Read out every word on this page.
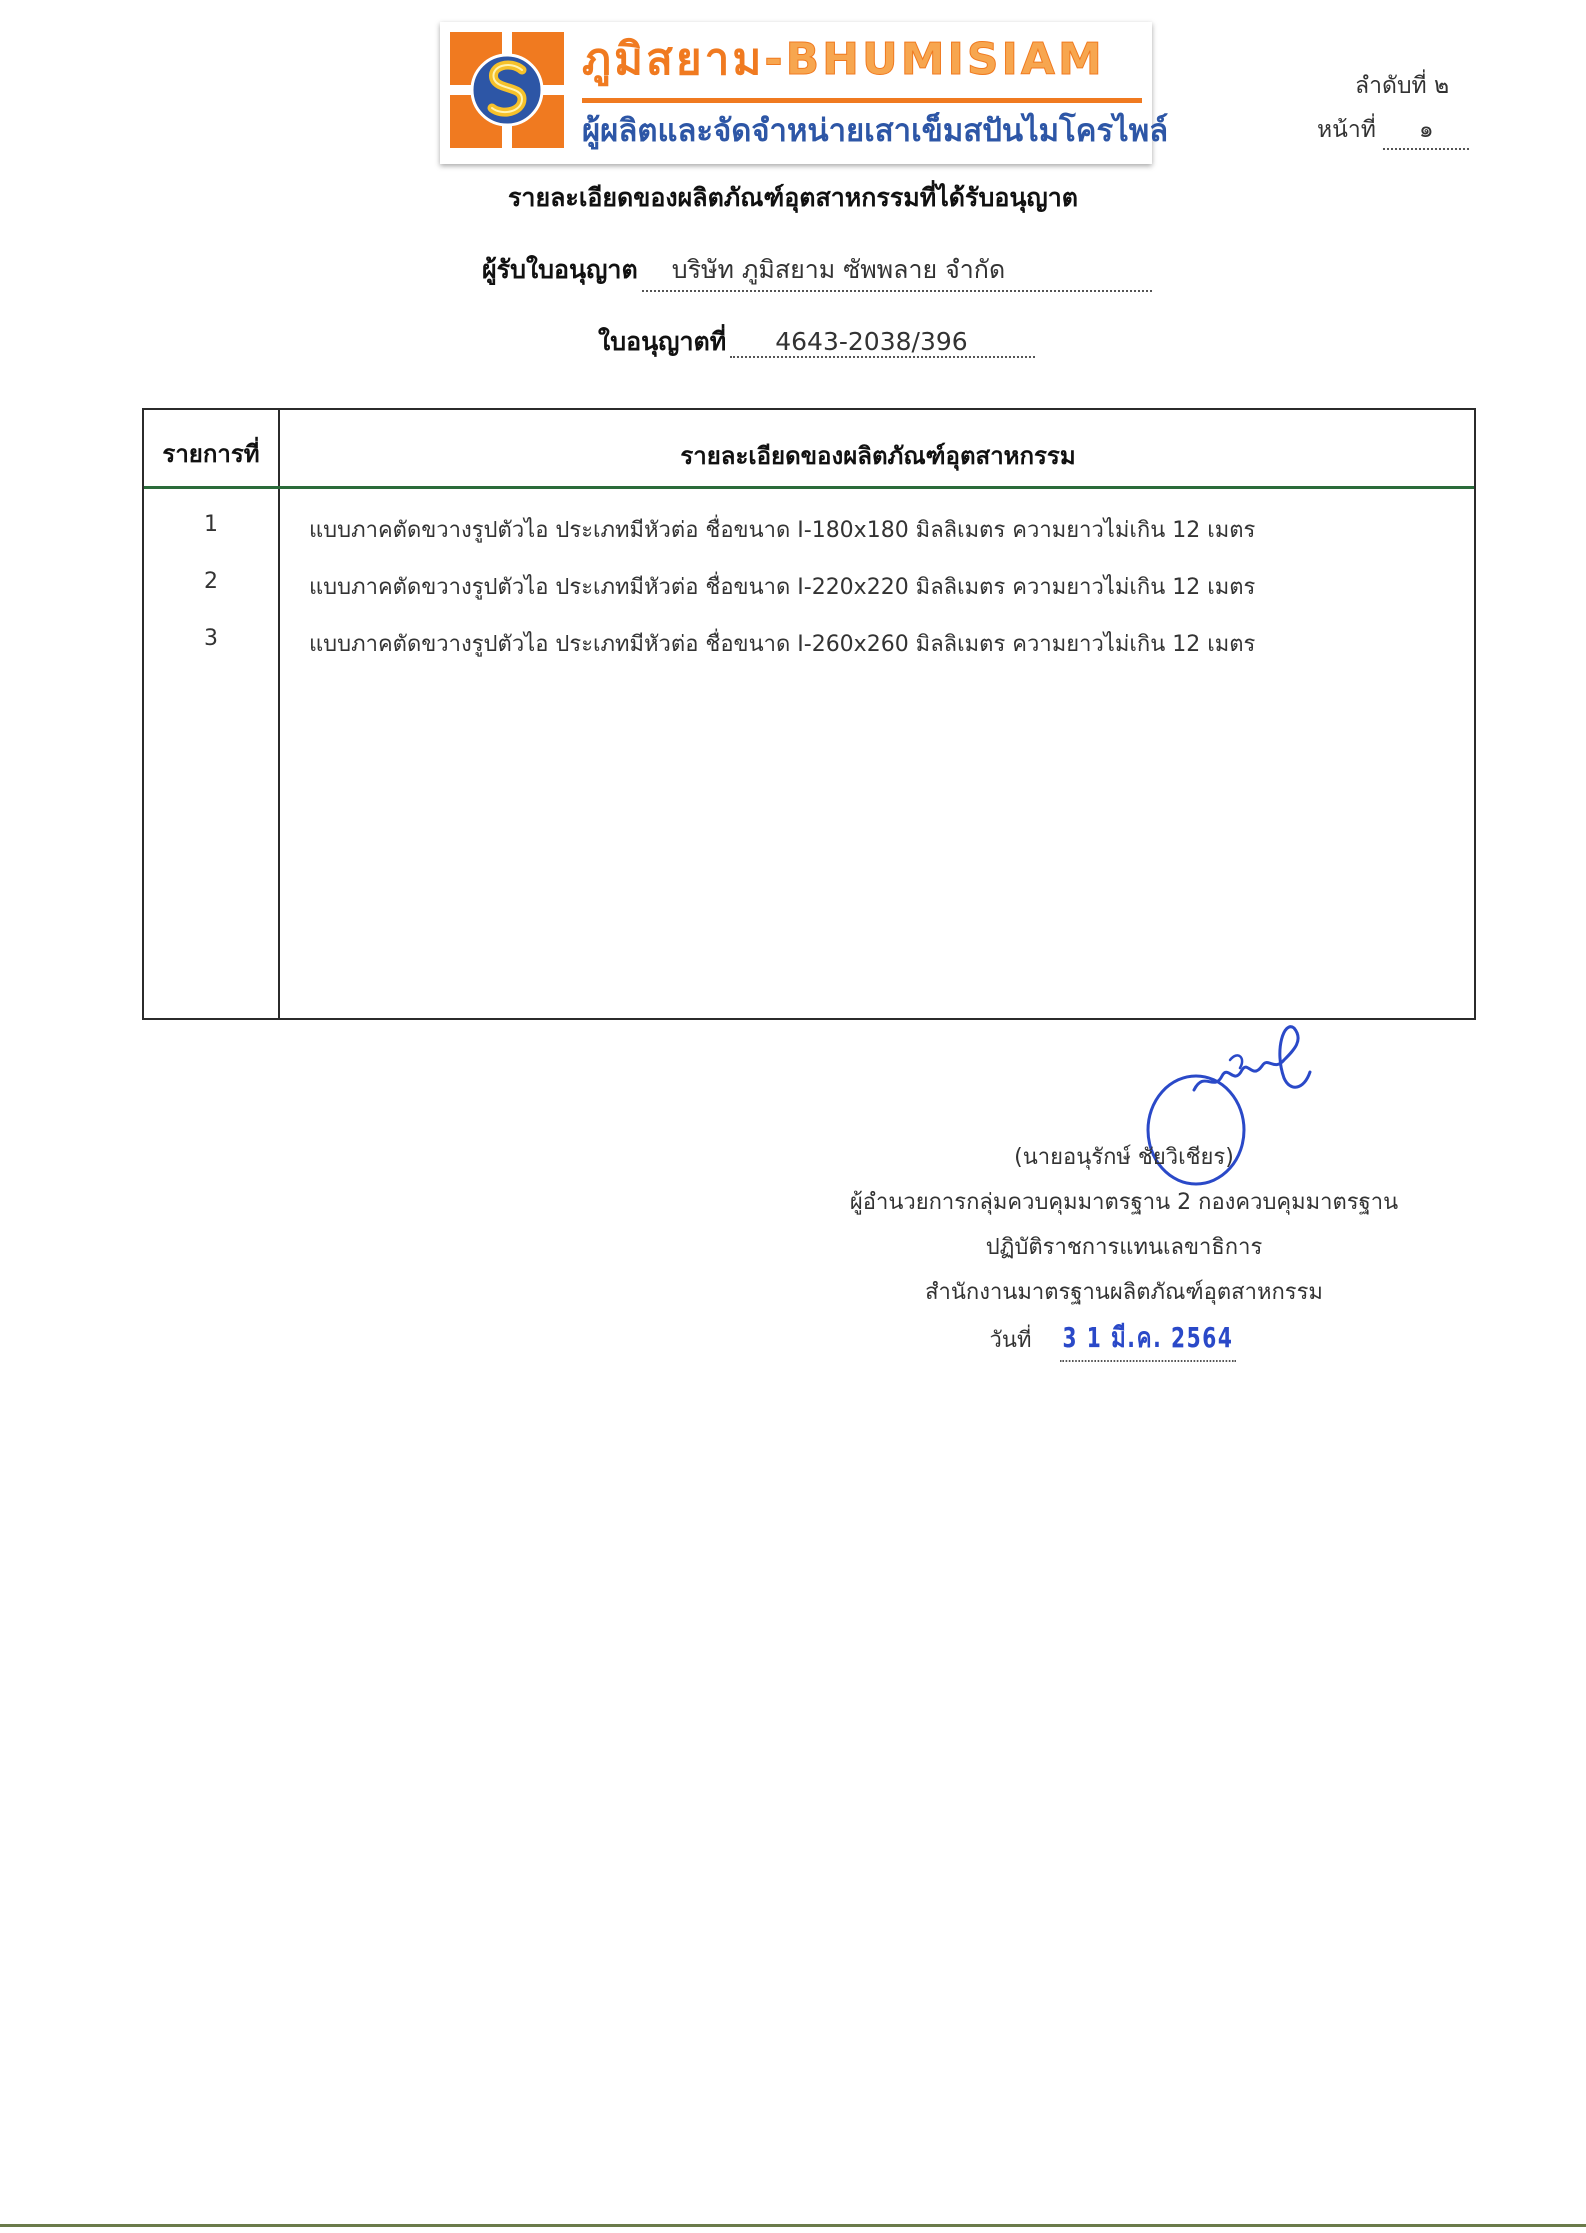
ภูมิสยาม-BHUMISIAM
ผู้ผลิตและจัดจำหน่ายเสาเข็มสปันไมโครไพล์
ลำดับที่ ๒
หน้าที่ ๑
รายละเอียดของผลิตภัณฑ์อุตสาหกรรมที่ได้รับอนุญาต
ผู้รับใบอนุญาต บริษัท ภูมิสยาม ซัพพลาย จำกัด
ใบอนุญาตที่ 4643-2038/396
รายการที่	รายละเอียดของผลิตภัณฑ์อุตสาหกรรม
1	แบบภาคตัดขวางรูปตัวไอ ประเภทมีหัวต่อ ชื่อขนาด I-180x180 มิลลิเมตร ความยาวไม่เกิน 12 เมตร
2	แบบภาคตัดขวางรูปตัวไอ ประเภทมีหัวต่อ ชื่อขนาด I-220x220 มิลลิเมตร ความยาวไม่เกิน 12 เมตร
3	แบบภาคตัดขวางรูปตัวไอ ประเภทมีหัวต่อ ชื่อขนาด I-260x260 มิลลิเมตร ความยาวไม่เกิน 12 เมตร
(นายอนุรักษ์ ชัยวิเชียร)
ผู้อำนวยการกลุ่มควบคุมมาตรฐาน 2 กองควบคุมมาตรฐาน
ปฏิบัติราชการแทนเลขาธิการ
สำนักงานมาตรฐานผลิตภัณฑ์อุตสาหกรรม
วันที่ 3 1 มี.ค. 2564
